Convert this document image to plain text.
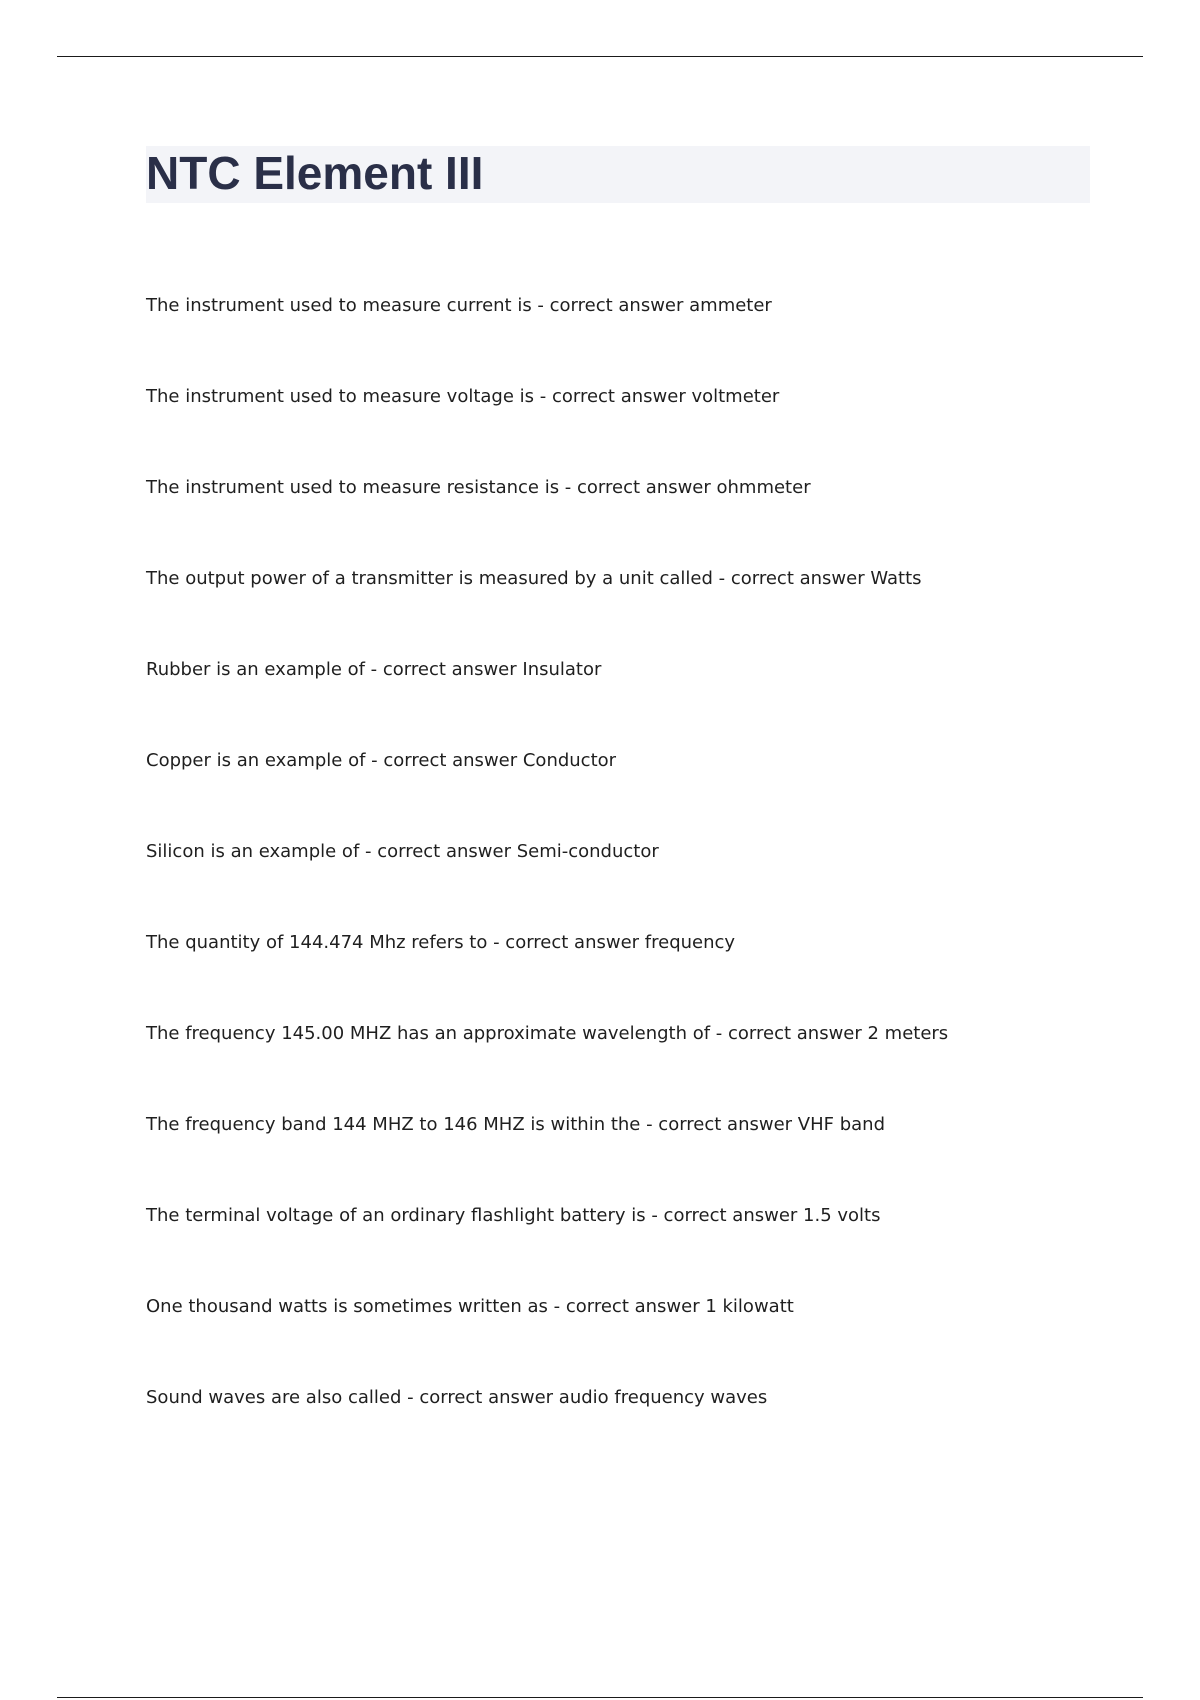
NTC Element III
The instrument used to measure current is - correct answer ammeter
The instrument used to measure voltage is - correct answer voltmeter
The instrument used to measure resistance is - correct answer ohmmeter
The output power of a transmitter is measured by a unit called - correct answer Watts
Rubber is an example of - correct answer Insulator
Copper is an example of - correct answer Conductor
Silicon is an example of - correct answer Semi-conductor
The quantity of 144.474 Mhz refers to - correct answer frequency
The frequency 145.00 MHZ has an approximate wavelength of - correct answer 2 meters
The frequency band 144 MHZ to 146 MHZ is within the - correct answer VHF band
The terminal voltage of an ordinary flashlight battery is - correct answer 1.5 volts
One thousand watts is sometimes written as - correct answer 1 kilowatt
Sound waves are also called - correct answer audio frequency waves
